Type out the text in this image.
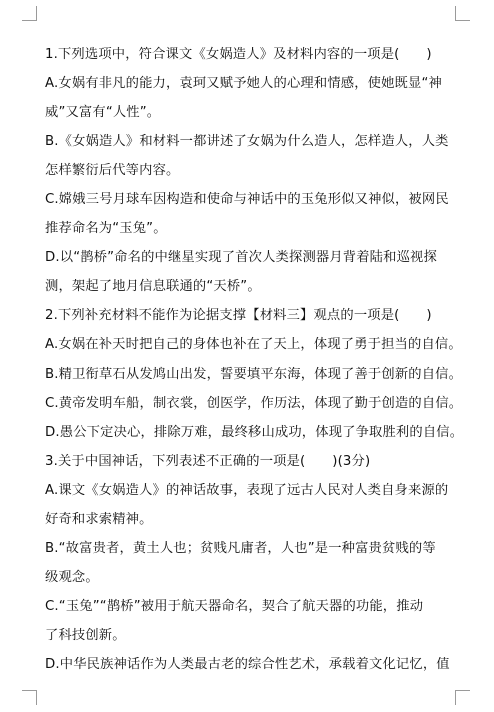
1.下列选项中，符合课文《女娲造人》及材料内容的一项是(　　)
A.女娲有非凡的能力，袁珂又赋予她人的心理和情感，使她既显“神
威”又富有“人性”。
B.《女娲造人》和材料一都讲述了女娲为什么造人，怎样造人，人类
怎样繁衍后代等内容。
C.嫦娥三号月球车因构造和使命与神话中的玉兔形似又神似，被网民
推荐命名为“玉兔”。
D.以“鹊桥”命名的中继星实现了首次人类探测器月背着陆和巡视探
测，架起了地月信息联通的“天桥”。
2.下列补充材料不能作为论据支撑【材料三】观点的一项是(　　)
A.女娲在补天时把自己的身体也补在了天上，体现了勇于担当的自信。
B.精卫衔草石从发鸠山出发，誓要填平东海，体现了善于创新的自信。
C.黄帝发明车船，制衣裳，创医学，作历法，体现了勤于创造的自信。
D.愚公下定决心，排除万难，最终移山成功，体现了争取胜利的自信。
3.关于中国神话，下列表述不正确的一项是(　　)(3分)
A.课文《女娲造人》的神话故事，表现了远古人民对人类自身来源的
好奇和求索精神。
B.“故富贵者，黄土人也；贫贱凡庸者，人也”是一种富贵贫贱的等
级观念。
C.“玉兔”“鹊桥”被用于航天器命名，契合了航天器的功能，推动
了科技创新。
D.中华民族神话作为人类最古老的综合性艺术，承载着文化记忆，值
